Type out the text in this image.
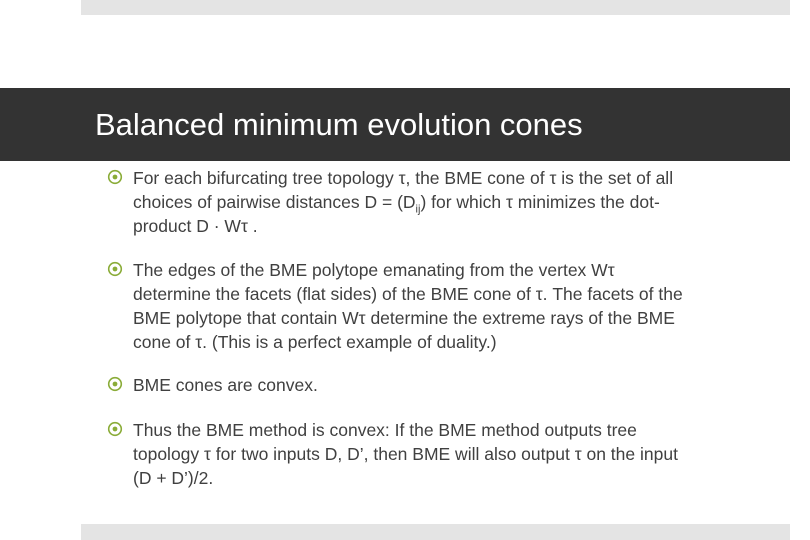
Balanced minimum evolution cones

For each bifurcating tree topology τ, the BME cone of τ is the set of all
choices of pairwise distances $D = (D_{ij})$ for which τ minimizes the dot-
product D · Wτ .

The edges of the BME polytope emanating from the vertex Wτ
determine the facets (flat sides) of the BME cone of τ. The facets of the
BME polytope that contain Wτ determine the extreme rays of the BME
cone of τ. (This is a perfect example of duality.)

BME cones are convex.

Thus the BME method is convex: If the BME method outputs tree
topology τ for two inputs D, D’, then BME will also output τ on the input
(D + D’)/2.
